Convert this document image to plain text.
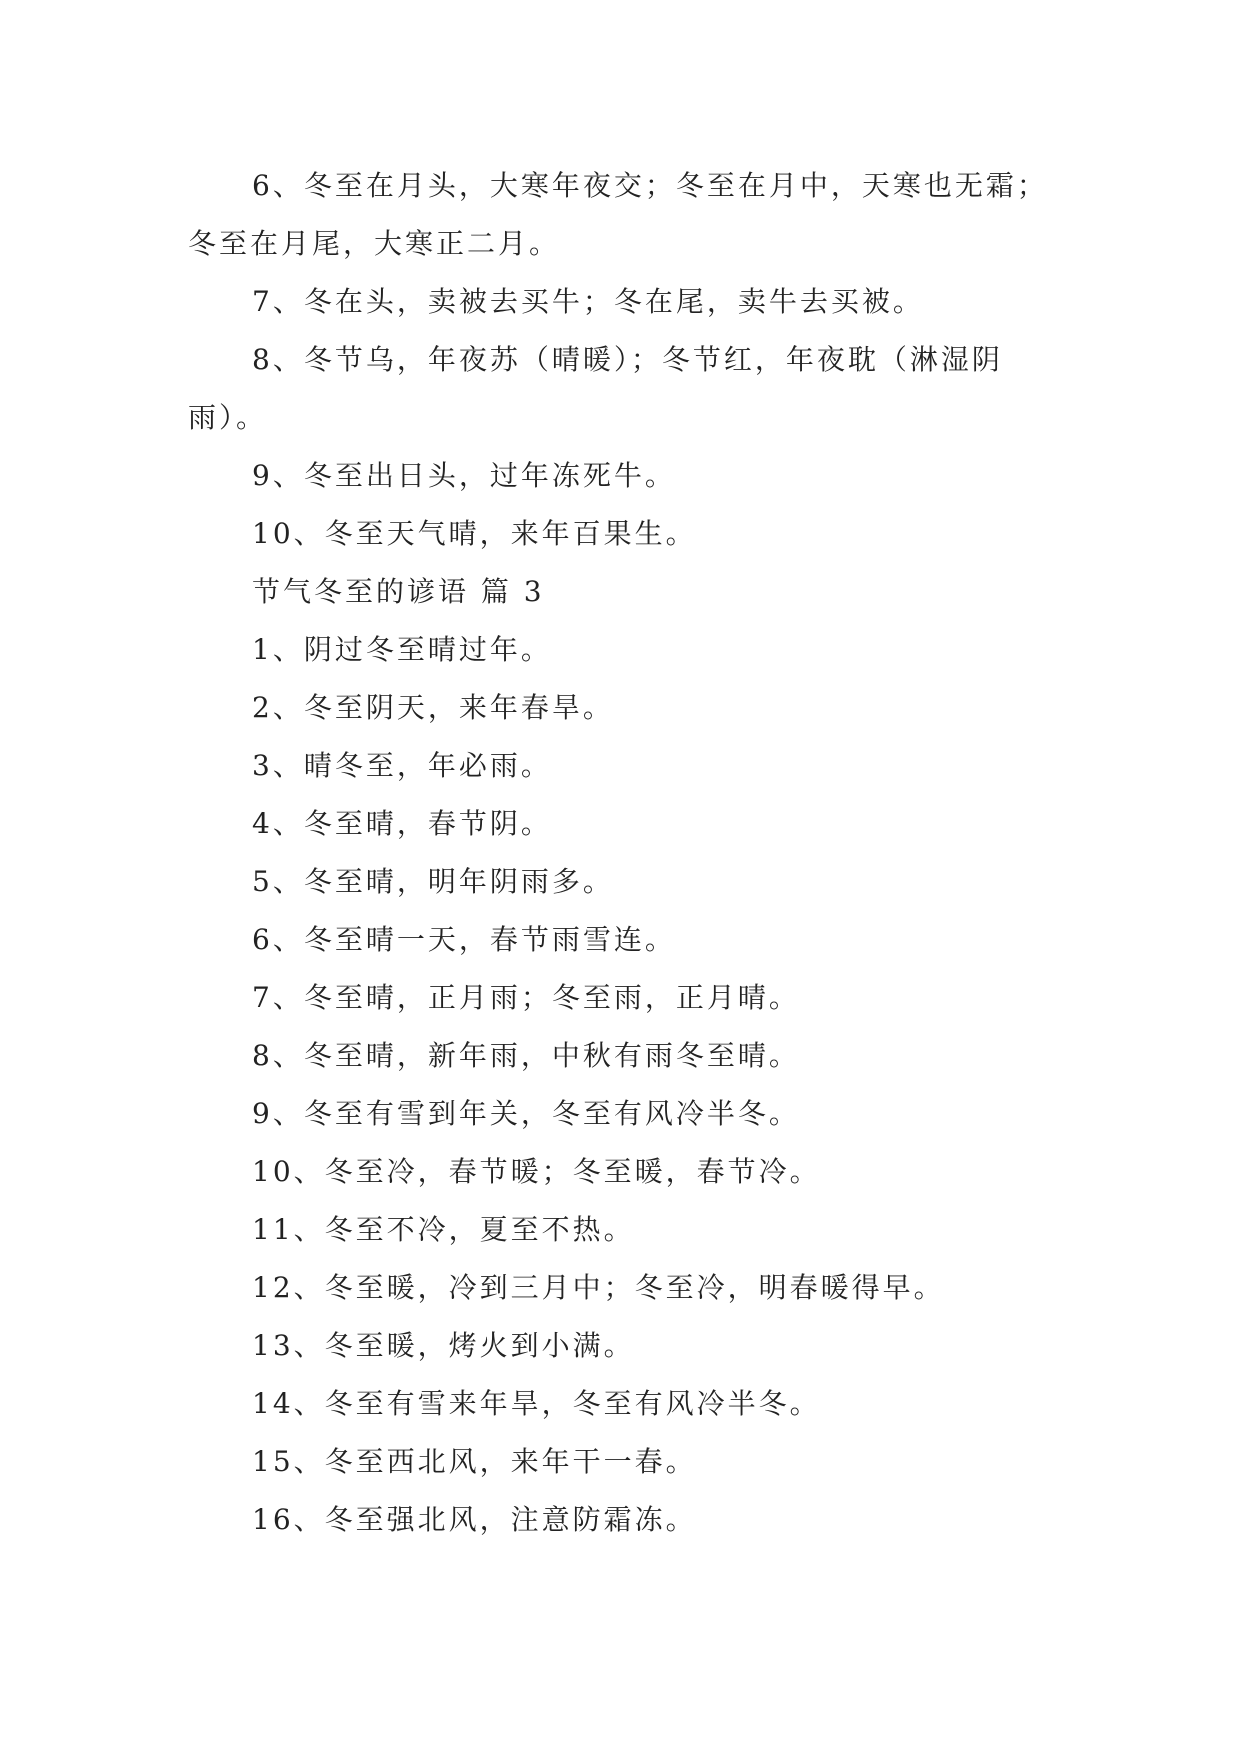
6、冬至在月头，大寒年夜交；冬至在月中，天寒也无霜；冬至在月尾，大寒正二月。

7、冬在头，卖被去买牛；冬在尾，卖牛去买被。

8、冬节乌，年夜苏（晴暖）；冬节红，年夜耽（淋湿阴雨）。

9、冬至出日头，过年冻死牛。

10、冬至天气晴，来年百果生。

节气冬至的谚语 篇 3

1、阴过冬至晴过年。

2、冬至阴天，来年春旱。

3、晴冬至，年必雨。

4、冬至晴，春节阴。

5、冬至晴，明年阴雨多。

6、冬至晴一天，春节雨雪连。

7、冬至晴，正月雨；冬至雨，正月晴。

8、冬至晴，新年雨，中秋有雨冬至晴。

9、冬至有雪到年关，冬至有风冷半冬。

10、冬至冷，春节暖；冬至暖，春节冷。

11、冬至不冷，夏至不热。

12、冬至暖，冷到三月中；冬至冷，明春暖得早。

13、冬至暖，烤火到小满。

14、冬至有雪来年旱，冬至有风冷半冬。

15、冬至西北风，来年干一春。

16、冬至强北风，注意防霜冻。
